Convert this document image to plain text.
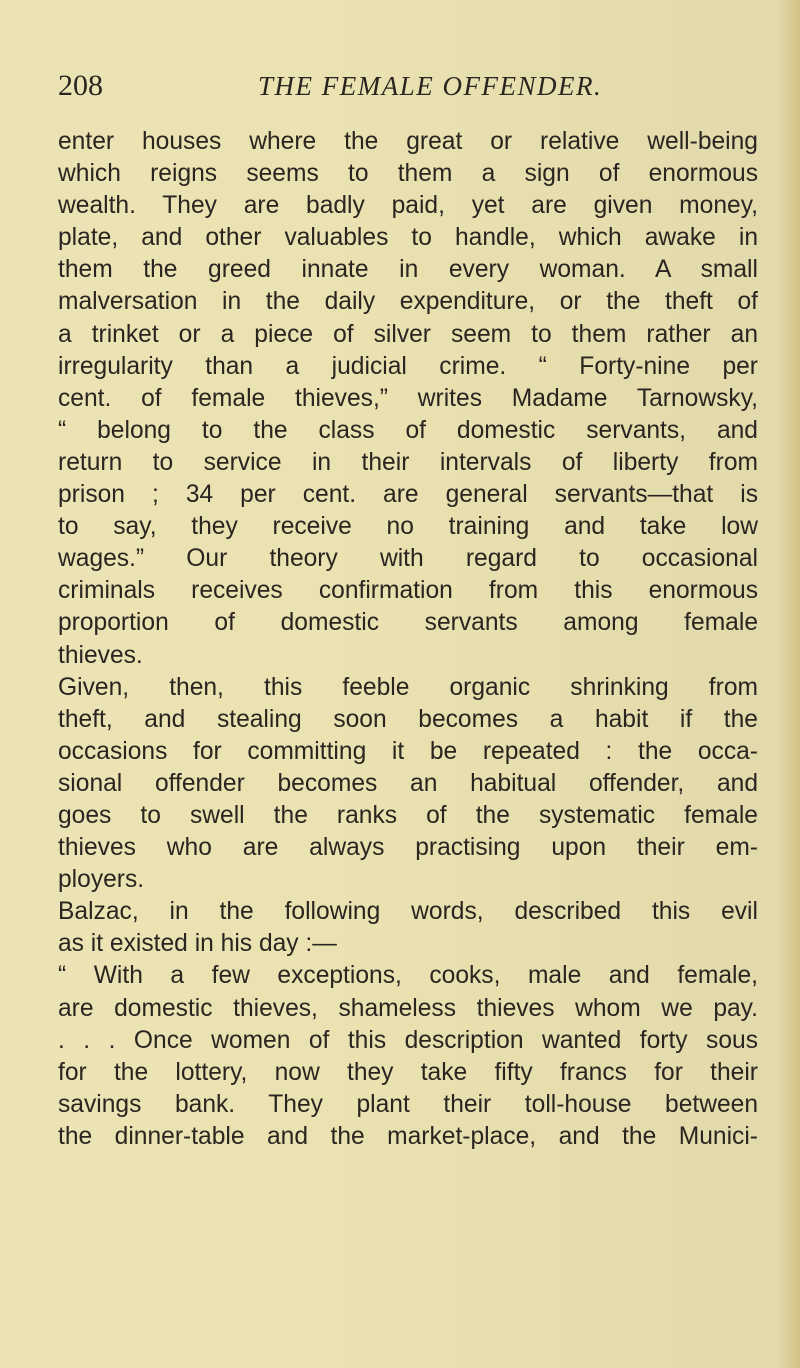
208	THE FEMALE OFFENDER.
enter houses where the great or relative well-being
which reigns seems to them a sign of enormous
wealth. They are badly paid, yet are given money,
plate, and other valuables to handle, which awake in
them the greed innate in every woman. A small
malversation in the daily expenditure, or the theft of
a trinket or a piece of silver seem to them rather an
irregularity than a judicial crime. “ Forty-nine per
cent. of female thieves,” writes Madame Tarnowsky,
“ belong to the class of domestic servants, and
return to service in their intervals of liberty from
prison ; 34 per cent. are general servants—that is
to say, they receive no training and take low
wages.” Our theory with regard to occasional
criminals receives confirmation from this enormous
proportion of domestic servants among female
thieves.
Given, then, this feeble organic shrinking from
theft, and stealing soon becomes a habit if the
occasions for committing it be repeated : the occa-
sional offender becomes an habitual offender, and
goes to swell the ranks of the systematic female
thieves who are always practising upon their em-
ployers.
Balzac, in the following words, described this evil
as it existed in his day :—
“ With a few exceptions, cooks, male and female,
are domestic thieves, shameless thieves whom we pay.
. . . Once women of this description wanted forty sous
for the lottery, now they take fifty francs for their
savings bank. They plant their toll-house between
the dinner-table and the market-place, and the Munici-
